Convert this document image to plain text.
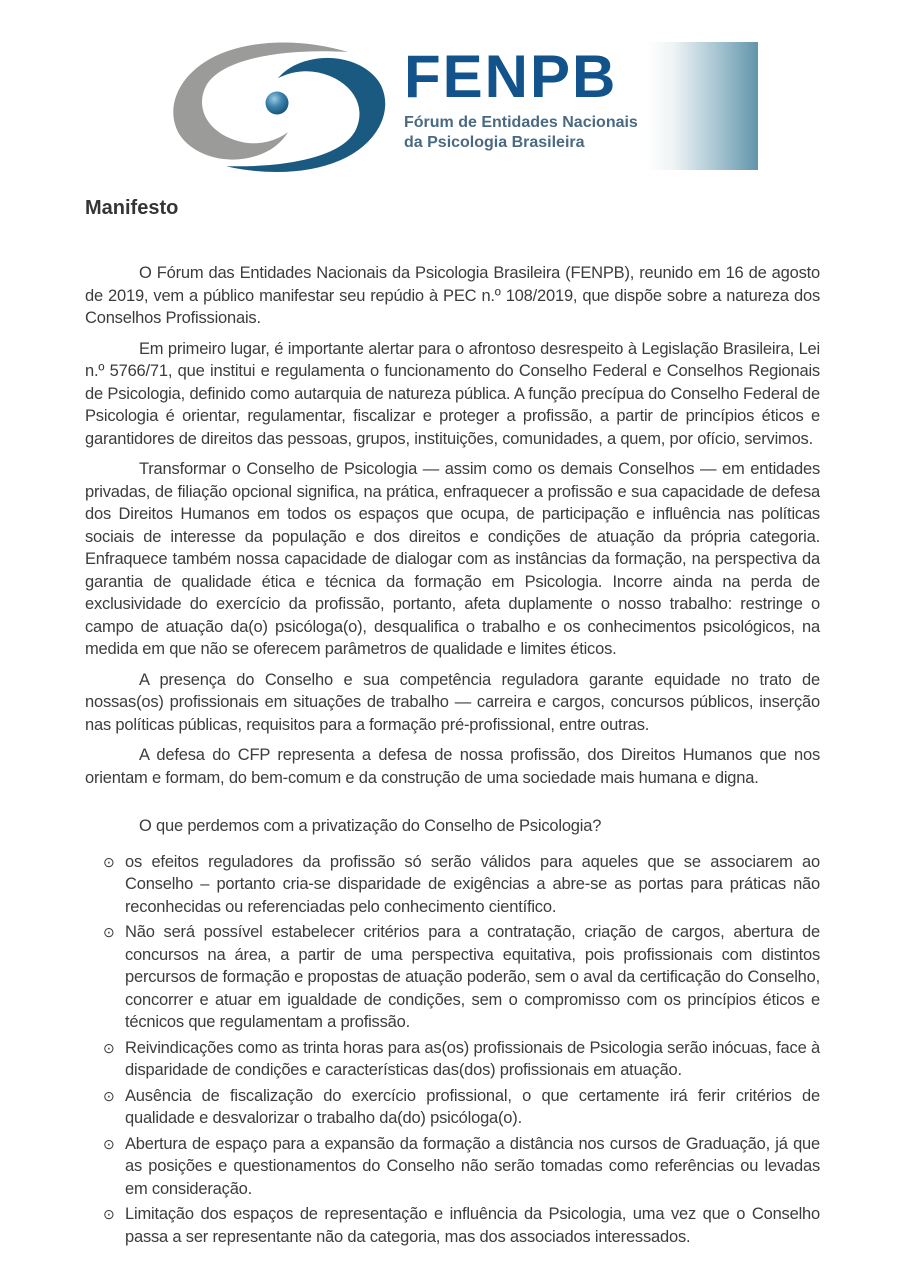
FENPB
Fórum de Entidades Nacionais
da Psicologia Brasileira
Manifesto

O Fórum das Entidades Nacionais da Psicologia Brasileira (FENPB), reunido em 16 de agosto de 2019, vem a público manifestar seu repúdio à PEC n.º 108/2019, que dispõe sobre a natureza dos Conselhos Profissionais.

Em primeiro lugar, é importante alertar para o afrontoso desrespeito à Legislação Brasileira, Lei n.º 5766/71, que institui e regulamenta o funcionamento do Conselho Federal e Conselhos Regionais de Psicologia, definido como autarquia de natureza pública. A função precípua do Conselho Federal de Psicologia é orientar, regulamentar, fiscalizar e proteger a profissão, a partir de princípios éticos e garantidores de direitos das pessoas, grupos, instituições, comunidades, a quem, por ofício, servimos.

Transformar o Conselho de Psicologia — assim como os demais Conselhos — em entidades privadas, de filiação opcional significa, na prática, enfraquecer a profissão e sua capacidade de defesa dos Direitos Humanos em todos os espaços que ocupa, de participação e influência nas políticas sociais de interesse da população e dos direitos e condições de atuação da própria categoria. Enfraquece também nossa capacidade de dialogar com as instâncias da formação, na perspectiva da garantia de qualidade ética e técnica da formação em Psicologia. Incorre ainda na perda de exclusividade do exercício da profissão, portanto, afeta duplamente o nosso trabalho: restringe o campo de atuação da(o) psicóloga(o), desqualifica o trabalho e os conhecimentos psicológicos, na medida em que não se oferecem parâmetros de qualidade e limites éticos.

A presença do Conselho e sua competência reguladora garante equidade no trato de nossas(os) profissionais em situações de trabalho — carreira e cargos, concursos públicos, inserção nas políticas públicas, requisitos para a formação pré-profissional, entre outras.

A defesa do CFP representa a defesa de nossa profissão, dos Direitos Humanos que nos orientam e formam, do bem-comum e da construção de uma sociedade mais humana e digna.

O que perdemos com a privatização do Conselho de Psicologia?

⊙ os efeitos reguladores da profissão só serão válidos para aqueles que se associarem ao Conselho – portanto cria-se disparidade de exigências a abre-se as portas para práticas não reconhecidas ou referenciadas pelo conhecimento científico.
⊙ Não será possível estabelecer critérios para a contratação, criação de cargos, abertura de concursos na área, a partir de uma perspectiva equitativa, pois profissionais com distintos percursos de formação e propostas de atuação poderão, sem o aval da certificação do Conselho, concorrer e atuar em igualdade de condições, sem o compromisso com os princípios éticos e técnicos que regulamentam a profissão.
⊙ Reivindicações como as trinta horas para as(os) profissionais de Psicologia serão inócuas, face à disparidade de condições e características das(dos) profissionais em atuação.
⊙ Ausência de fiscalização do exercício profissional, o que certamente irá ferir critérios de qualidade e desvalorizar o trabalho da(do) psicóloga(o).
⊙ Abertura de espaço para a expansão da formação a distância nos cursos de Graduação, já que as posições e questionamentos do Conselho não serão tomadas como referências ou levadas em consideração.
⊙ Limitação dos espaços de representação e influência da Psicologia, uma vez que o Conselho passa a ser representante não da categoria, mas dos associados interessados.
